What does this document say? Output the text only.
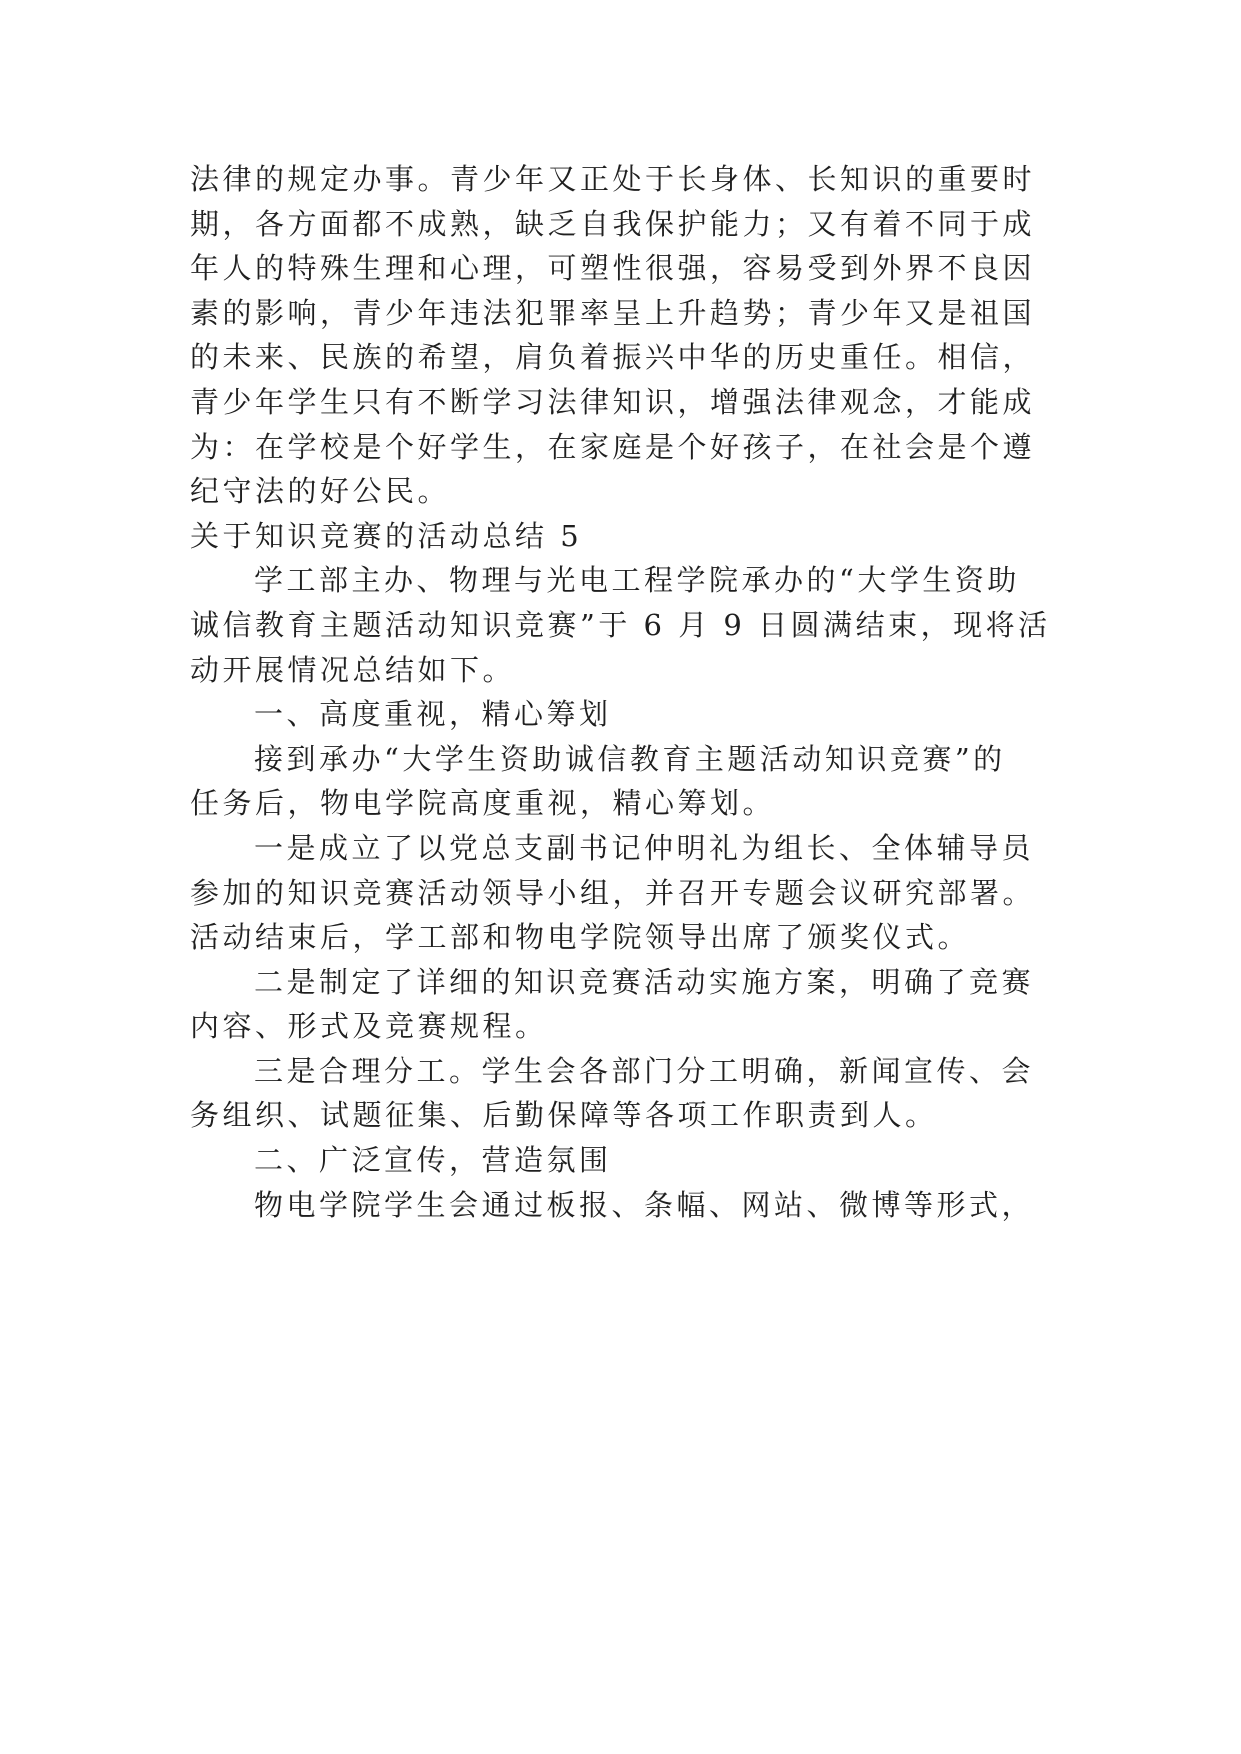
法律的规定办事。青少年又正处于长身体、长知识的重要时
期，各方面都不成熟，缺乏自我保护能力；又有着不同于成
年人的特殊生理和心理，可塑性很强，容易受到外界不良因
素的影响，青少年违法犯罪率呈上升趋势；青少年又是祖国
的未来、民族的希望，肩负着振兴中华的历史重任。相信，
青少年学生只有不断学习法律知识，增强法律观念，才能成
为：在学校是个好学生，在家庭是个好孩子，在社会是个遵
纪守法的好公民。
关于知识竞赛的活动总结 5
学工部主办、物理与光电工程学院承办的“大学生资助
诚信教育主题活动知识竞赛”于 6 月 9 日圆满结束，现将活
动开展情况总结如下。
一、高度重视，精心筹划
接到承办“大学生资助诚信教育主题活动知识竞赛”的
任务后，物电学院高度重视，精心筹划。
一是成立了以党总支副书记仲明礼为组长、全体辅导员
参加的知识竞赛活动领导小组，并召开专题会议研究部署。
活动结束后，学工部和物电学院领导出席了颁奖仪式。
二是制定了详细的知识竞赛活动实施方案，明确了竞赛
内容、形式及竞赛规程。
三是合理分工。学生会各部门分工明确，新闻宣传、会
务组织、试题征集、后勤保障等各项工作职责到人。
二、广泛宣传，营造氛围
物电学院学生会通过板报、条幅、网站、微博等形式，
